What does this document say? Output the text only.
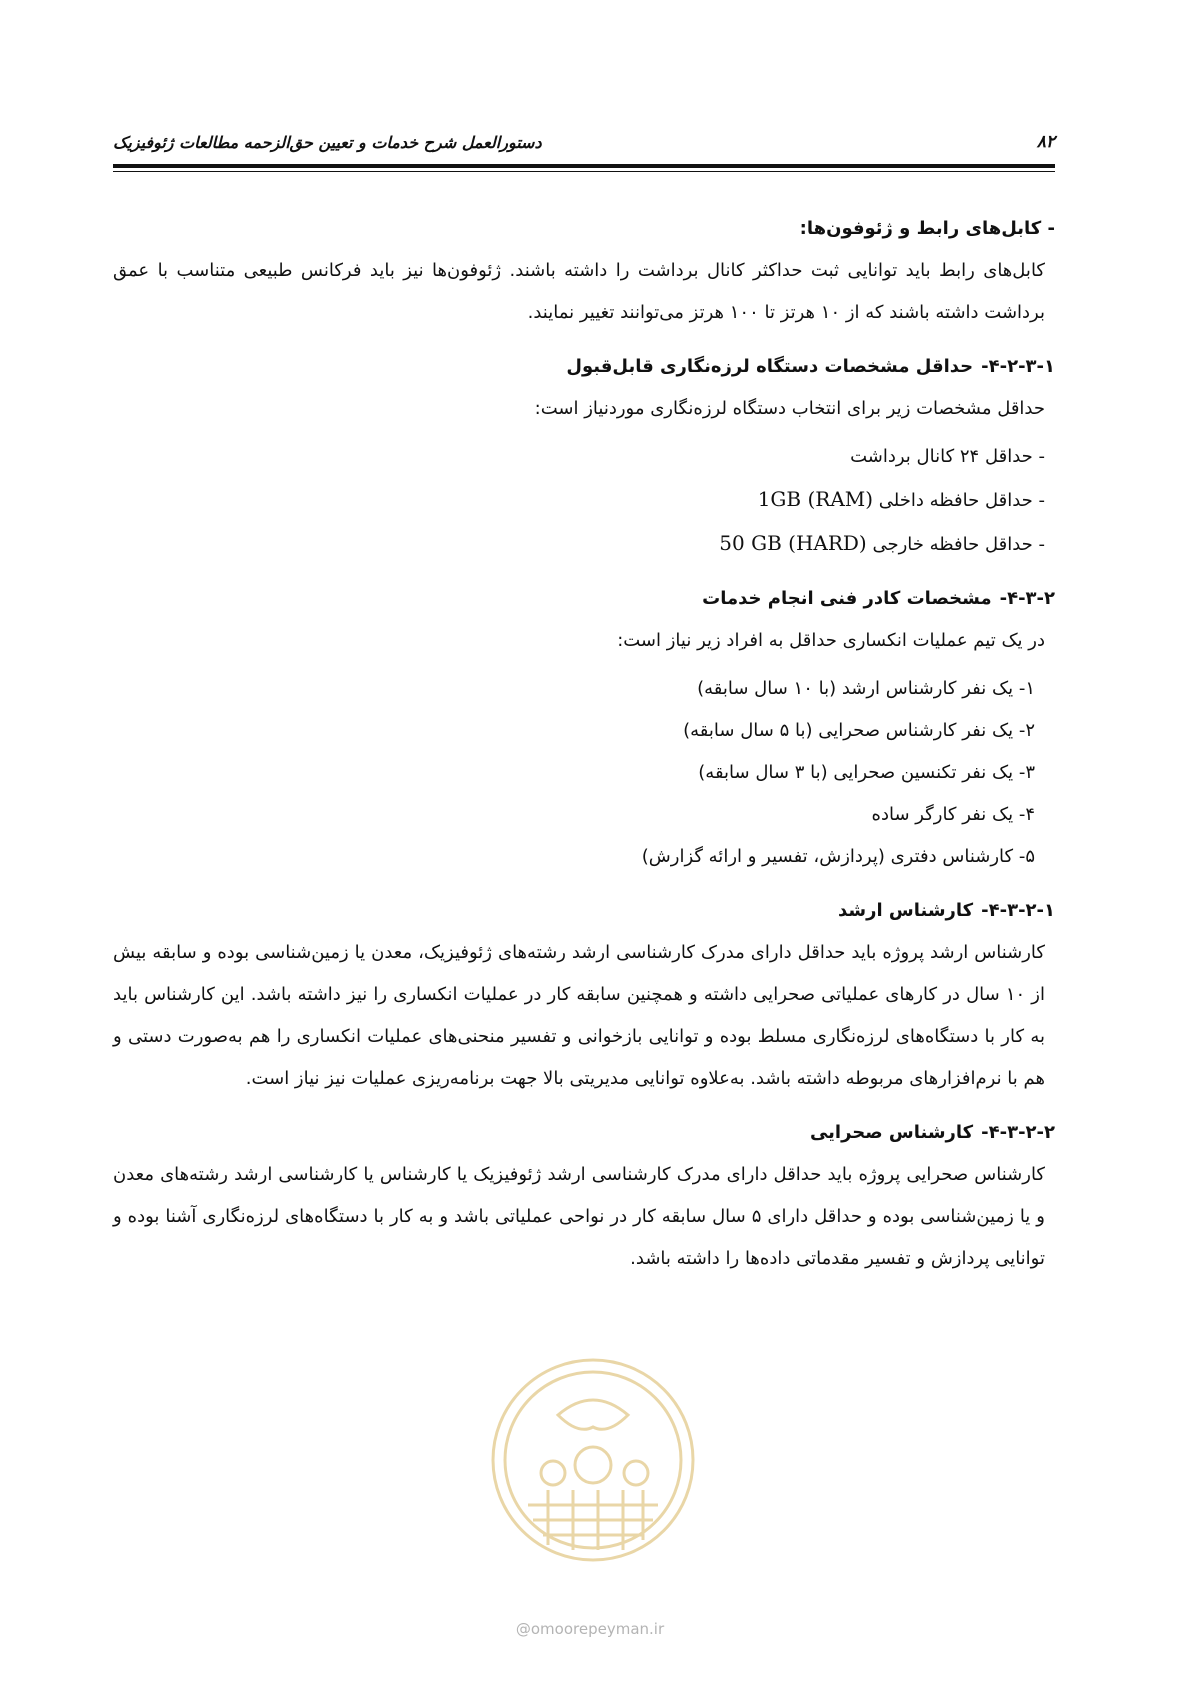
۸۲
دستورالعمل شرح خدمات و تعیین حق‌الزحمه مطالعات ژئوفیزیک

- کابل‌های رابط و ژئوفون‌ها:

کابل‌های رابط باید توانایی ثبت حداکثر کانال برداشت را داشته باشند. ژئوفون‌ها نیز باید فرکانس طبیعی متناسب با عمق برداشت داشته باشند که از ۱۰ هرتز تا ۱۰۰ هرتز می‌توانند تغییر نمایند.

۴-۲-۳-۱-حداقل مشخصات دستگاه لرزه‌نگاری قابل‌قبول

حداقل مشخصات زیر برای انتخاب دستگاه لرزه‌نگاری موردنیاز است:

- حداقل ۲۴ کانال برداشت

- حداقل حافظه داخلی 1GB (RAM)

- حداقل حافظه خارجی 50 GB (HARD)

۴-۳-۲-مشخصات کادر فنی انجام خدمات

در یک تیم عملیات انکساری حداقل به افراد زیر نیاز است:

۱- یک نفر کارشناس ارشد (با ۱۰ سال سابقه)

۲- یک نفر کارشناس صحرایی (با ۵ سال سابقه)

۳- یک نفر تکنسین صحرایی (با ۳ سال سابقه)

۴- یک نفر کارگر ساده

۵- کارشناس دفتری (پردازش، تفسیر و ارائه گزارش)

۴-۳-۲-۱-کارشناس ارشد

کارشناس ارشد پروژه باید حداقل دارای مدرک کارشناسی ارشد رشته‌های ژئوفیزیک، معدن یا زمین‌شناسی بوده و سابقه بیش از ۱۰ سال در کارهای عملیاتی صحرایی داشته و همچنین سابقه کار در عملیات انکساری را نیز داشته باشد. این کارشناس باید به کار با دستگاه‌های لرزه‌نگاری مسلط بوده و توانایی بازخوانی و تفسیر منحنی‌های عملیات انکساری را هم به‌صورت دستی و هم با نرم‌افزارهای مربوطه داشته باشد. به‌علاوه توانایی مدیریتی بالا جهت برنامه‌ریزی عملیات نیز نیاز است.

۴-۳-۲-۲-کارشناس صحرایی

کارشناس صحرایی پروژه باید حداقل دارای مدرک کارشناسی ارشد ژئوفیزیک یا کارشناس یا کارشناسی ارشد رشته‌های معدن و یا زمین‌شناسی بوده و حداقل دارای ۵ سال سابقه کار در نواحی عملیاتی باشد و به کار با دستگاه‌های لرزه‌نگاری آشنا بوده و توانایی پردازش و تفسیر مقدماتی داده‌ها را داشته باشد.

@omoorepeyman.ir
